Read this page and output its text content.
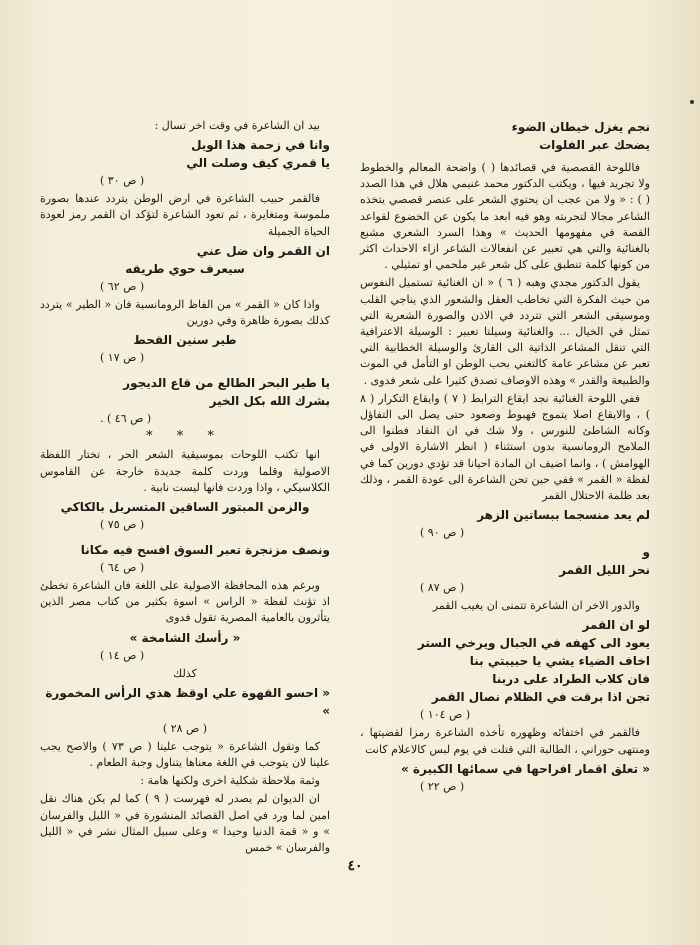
نجم يغزل خيطان الضوء

يضحك عبر الفلوات

فاللوحة القصصية في قصائدها ( ) واضحة المعالم والخطوط ولا تجريد فيها ، ويكتب الدكتور محمد غنيمي هلال في هذا الصدد ( ) : « ولا من عجب ان يحتوي الشعر على عنصر قصصي يتخذه الشاعر مجالا لتجربته وهو فيه ابعد ما يكون عن الخضوع لقواعد القصة في مفهومها الحديث » وهذا السرد الشعري مشبع بالغنائية والتي هي تعبير عن انفعالات الشاعر ازاء الاحداث اكثر من كونها كلمة تنطبق على كل شعر غير ملحمي او تمثيلي .

يقول الدكتور مجدي وهبه ( ٦ ) « ان الغنائية تستميل النفوس من حيث الفكرة التي تخاطب العقل والشعور الذي يناجي القلب وموسيقى الشعر التي تتردد في الاذن والصورة الشعرية التي تمثل في الخيال ... والغنائية وسيلتا تعبير : الوسيلة الاعترافية التي تنقل المشاعر الذاتية الى القارئ والوسيلة الخطابية التي تعبر عن مشاعر عامة كالتغني بحب الوطن او التأمل في الموت والطبيعة والقدر » وهذه الاوصاف تصدق كثيرا على شعر فدوى .

ففي اللوحة الغنائية نجد ايقاع الترابط ( ٧ ) وايقاع التكرار ( ٨ ) ، والايقاع اصلا يتموج فهبوط وصعود حتى يصل الى التفاؤل وكانه الشاطئ للنورس ، ولا شك في ان النقاد فطنوا الى الملامح الرومانسية بدون استثناء ( انظر الاشارة الاولى في الهوامش ) ، وانما اضيف ان المادة احيانا قد تؤدي دورين كما في لفظة « القمر » ففي حين تحن الشاعرة الى عودة القمر ، وذلك بعد ظلمة الاحتلال القمر

لم يعد منسجما ببساتين الزهر

( ص ٩٠ )

و

نحر الليل القمر

( ص ٨٧ )

والدور الاخر ان الشاعرة تتمنى ان يغيب القمر

لو ان القمر

يعود الى كهفه في الجبال ويرخي الستر

اخاف الضياء يشي يا حبيبتي بنا

فان كلاب الطراد على دربنا

تجن اذا برقت في الظلام نصال القمر

( ص ١٠٤ )

فالقمر في اختفائه وظهوره تأخذه الشاعرة رمزا لقضيتها ، ومنتهى حوراني ، الطالبة التي قتلت في يوم لبس كالاعلام كانت

« تعلق اقمار افراحها في سمائها الكبيرة »

( ص ٢٢ )

بيد ان الشاعرة في وقت اخر تسال :

وانا في زحمة هذا الويل

يا قمري كيف وصلت الي

( ص ٣٠ )

فالقمر حبيب الشاعرة في ارض الوطن يتردد عندها بصورة ملموسة ومتغايرة ، ثم تعود الشاعرة لتؤكد ان القمر رمز لعودة الحياة الجميلة

ان القمر وان ضل عني

سيعرف حوي طريقه

( ص ٦٢ )

واذا كان « القمر » من الفاظ الرومانسية فان « الطير » يتردد كذلك بصورة ظاهرة وفي دورين

طير سنين القحط

( ص ١٧ )

يا طير البحر الطالع من قاع الديجور

بشرك الله بكل الخير

( ص ٤٦ ) .

* * *

انها تكتب اللوحات بموسيقية الشعر الحر ، تختار اللفظة الاصولية وقلما وردت كلمة جديدة خارجة عن القاموس الكلاسيكي ، واذا وردت فانها ليست نابية .

والزمن المبتور الساقين المتسربل بالكاكي

( ص ٧٥ )

ونصف مزنجرة تعبر السوق افسح فيه مكانا

( ص ٦٤ )

وبرغم هذه المحافظة الاصولية على اللغة فان الشاعرة تخطئ اذ تؤنث لفظة « الراس » اسوة بكثير من كتاب مصر الذين يتأثرون بالعامية المصرية تقول فدوى

« رأسك الشامخة »

( ص ١٤ )

كذلك

« احسو القهوة علي اوقظ هذي الرأس المخمورة »

( ص ٢٨ )

كما وتقول الشاعرة « يتوجب علينا ( ص ٧٣ ) والاصح يجب علينا لان يتوجب في اللغة معناها يتناول وجبة الطعام .

وثمة ملاحظة شكلية اخرى ولكنها هامة :

ان الديوان لم يصدر له فهرست ( ٩ ) كما لم يكن هناك نقل امين لما ورد في اصل القصائد المنشورة في « الليل والفرسان » و « قمة الدنيا وحيدا » وعلى سبيل المثال نشر في « الليل والفرسان » خمس

٤٠
